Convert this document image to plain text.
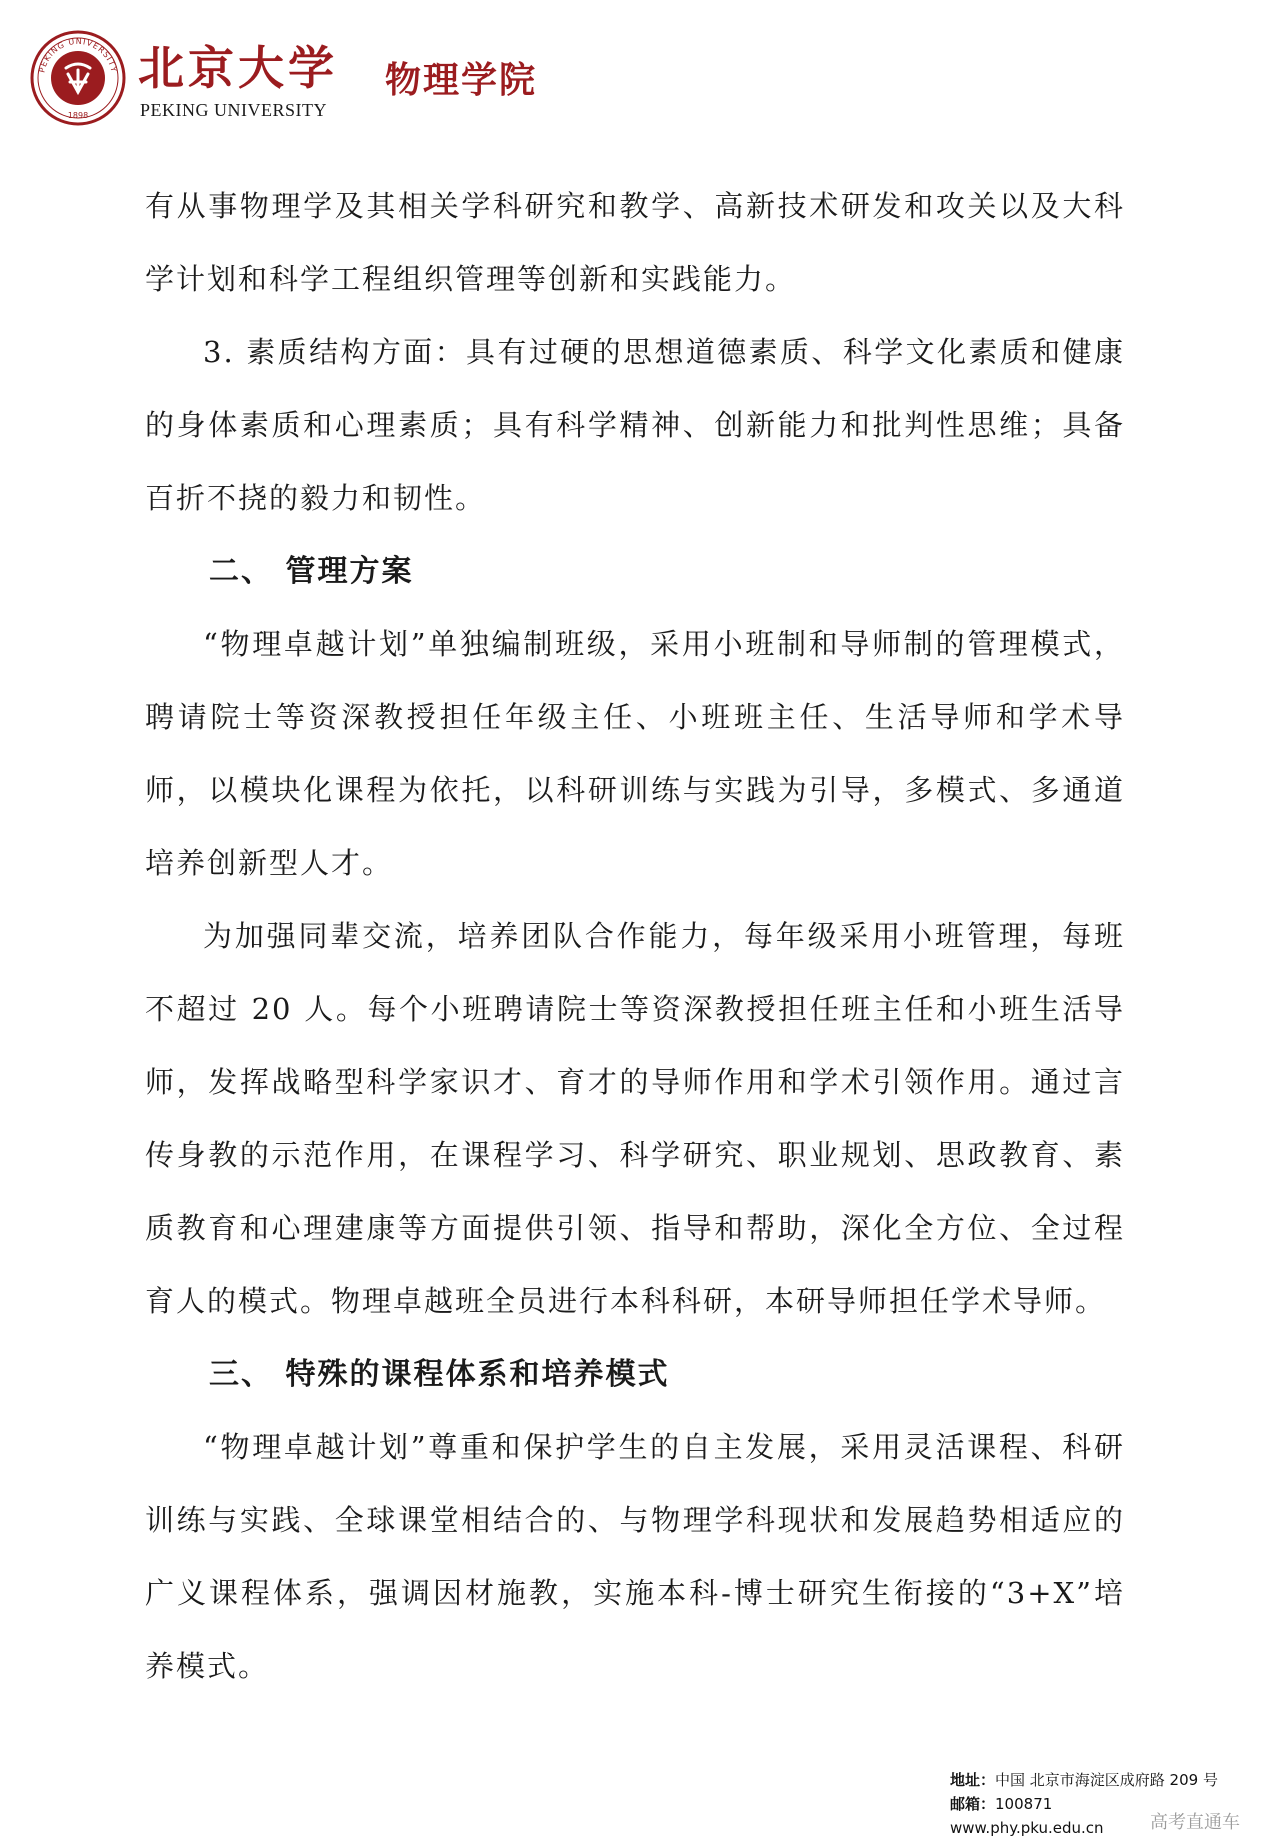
PEKING UNIVERSITY
1898
北京大学
PEKING UNIVERSITY
物理学院

有从事物理学及其相关学科研究和教学、高新技术研发和攻关以及大科学计划和科学工程组织管理等创新和实践能力。

3. 素质结构方面：具有过硬的思想道德素质、科学文化素质和健康的身体素质和心理素质；具有科学精神、创新能力和批判性思维；具备百折不挠的毅力和韧性。

二、 管理方案

“物理卓越计划”单独编制班级，采用小班制和导师制的管理模式，聘请院士等资深教授担任年级主任、小班班主任、生活导师和学术导师，以模块化课程为依托，以科研训练与实践为引导，多模式、多通道培养创新型人才。

为加强同辈交流，培养团队合作能力，每年级采用小班管理，每班不超过 20 人。每个小班聘请院士等资深教授担任班主任和小班生活导师，发挥战略型科学家识才、育才的导师作用和学术引领作用。通过言传身教的示范作用，在课程学习、科学研究、职业规划、思政教育、素质教育和心理建康等方面提供引领、指导和帮助，深化全方位、全过程育人的模式。物理卓越班全员进行本科科研，本研导师担任学术导师。

三、 特殊的课程体系和培养模式

“物理卓越计划”尊重和保护学生的自主发展，采用灵活课程、科研训练与实践、全球课堂相结合的、与物理学科现状和发展趋势相适应的广义课程体系，强调因材施教，实施本科-博士研究生衔接的“3+X”培养模式。

地址：中国 北京市海淀区成府路 209 号
邮箱：100871
www.phy.pku.edu.cn	高考直通车
